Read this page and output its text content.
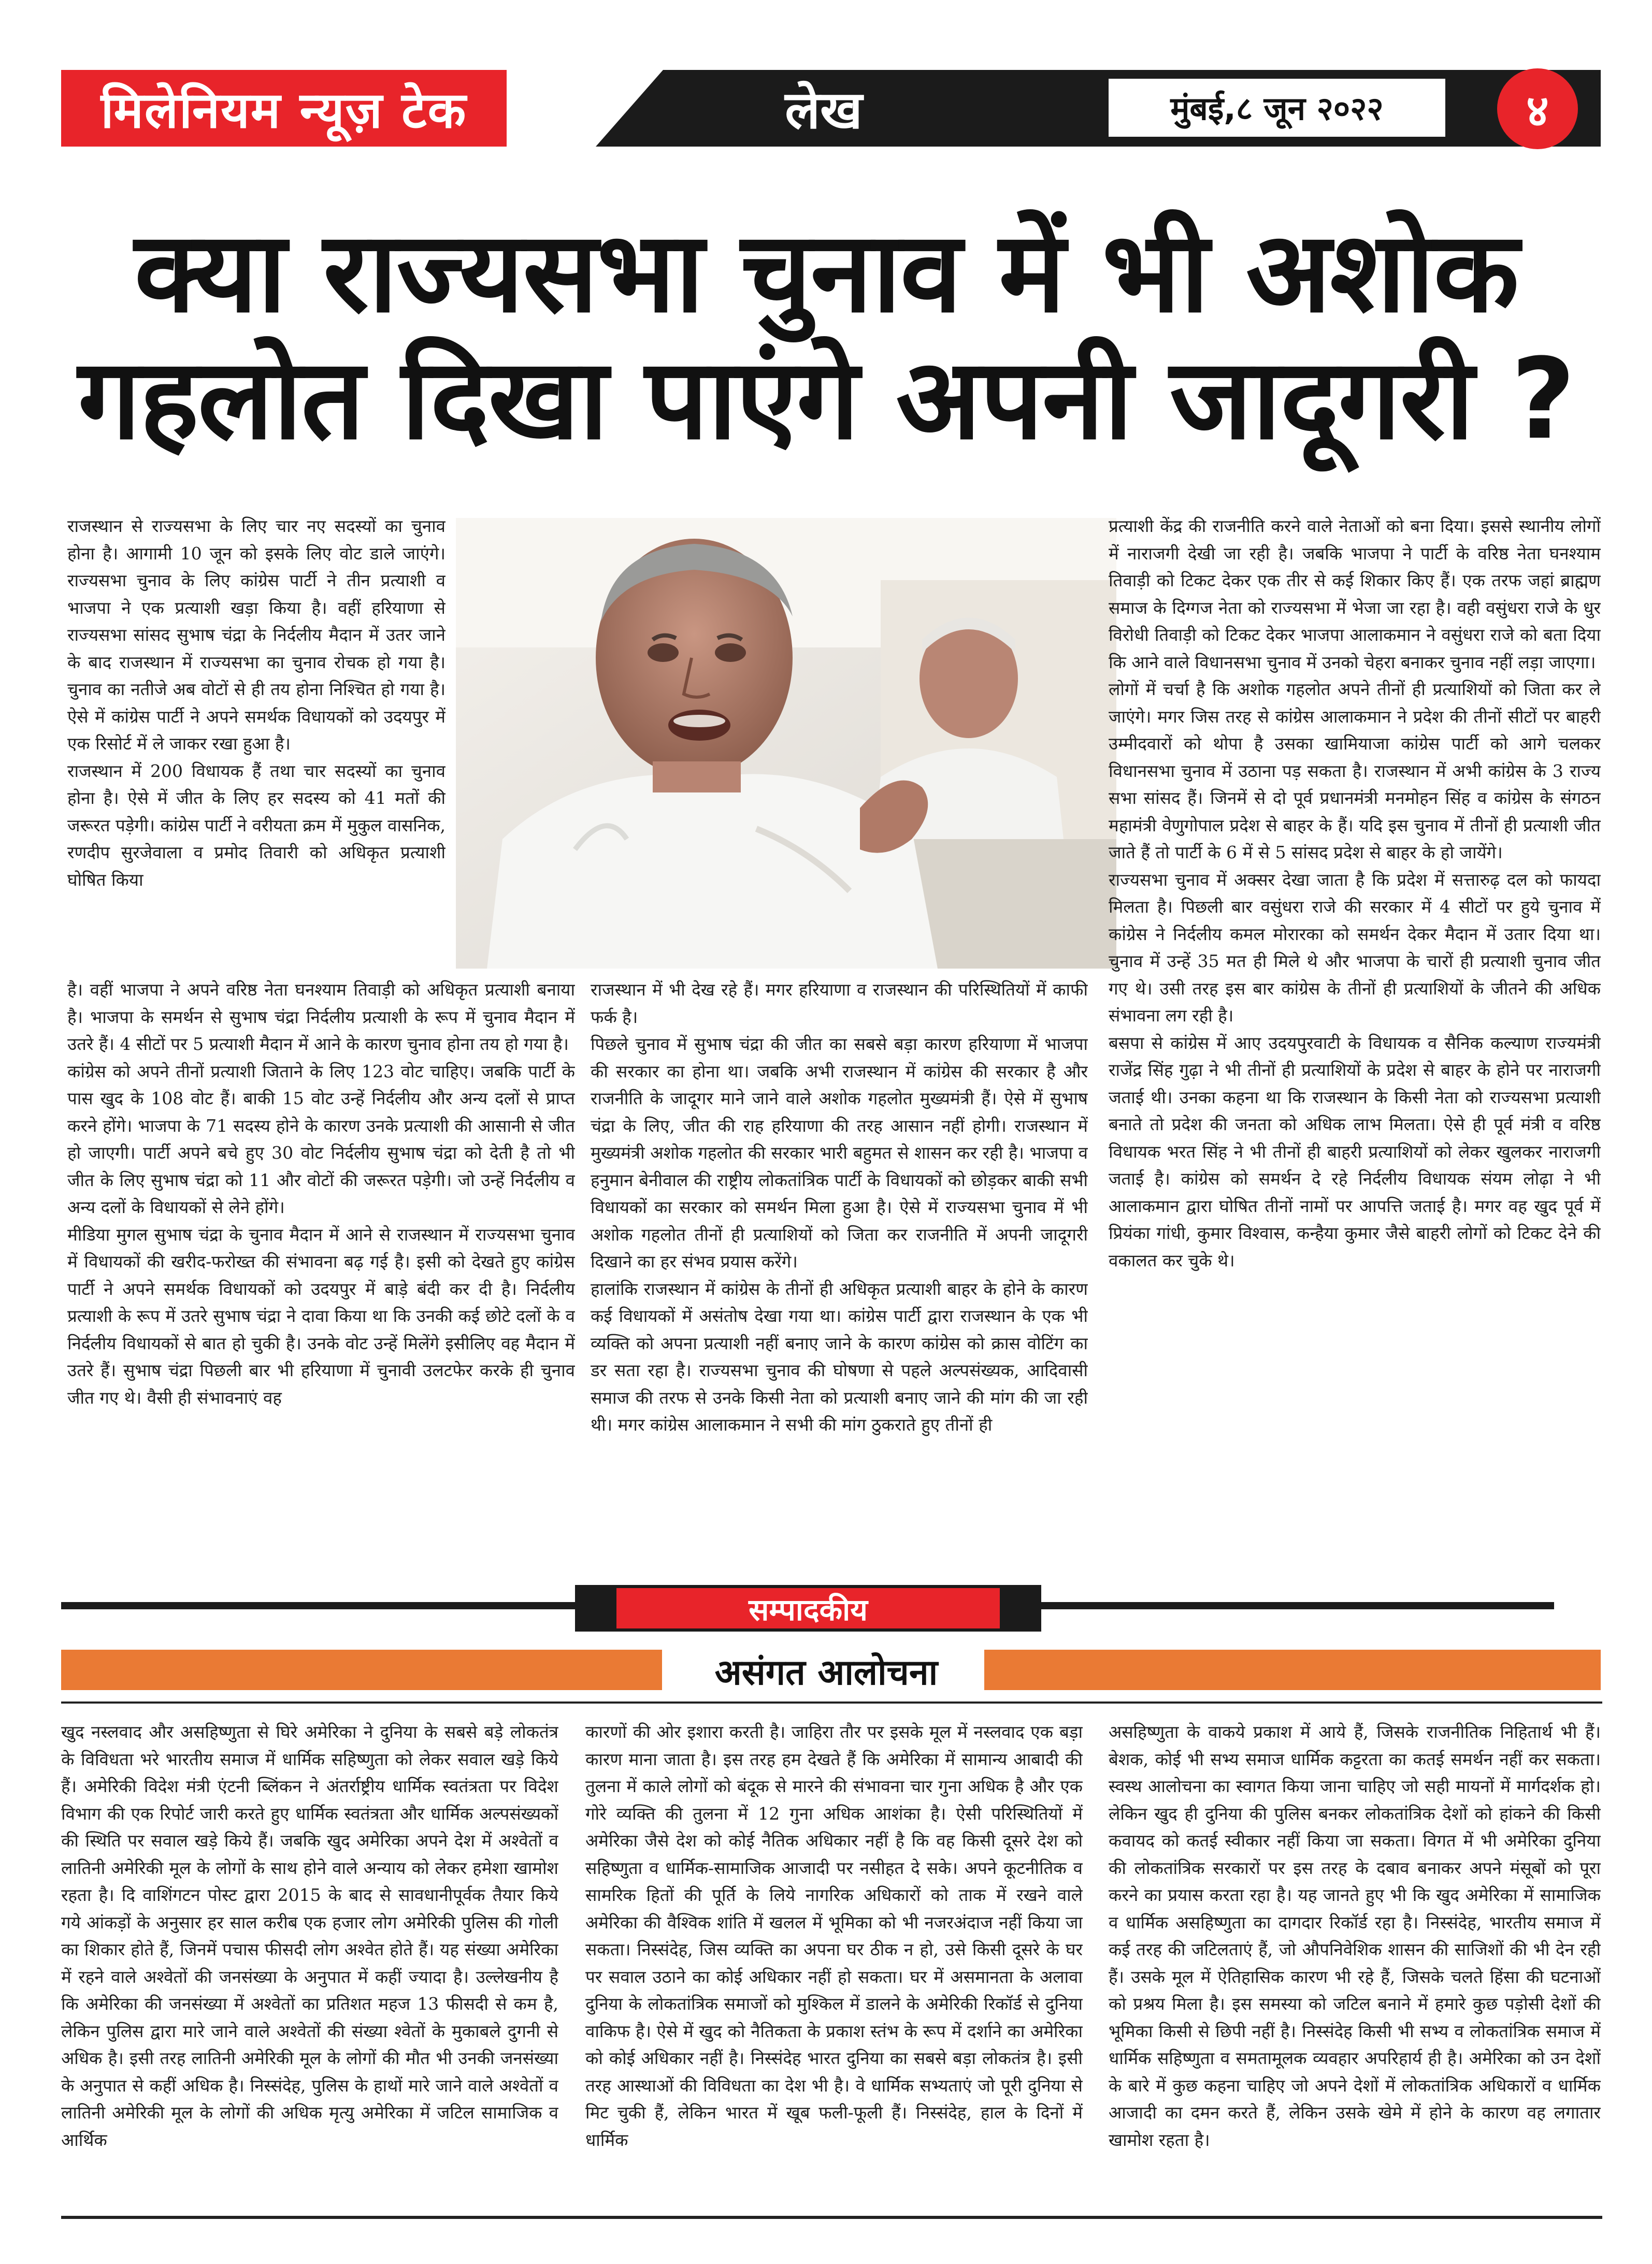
मिलेनियम न्यूज़ टेक	लेख	मुंबई,८ जून २०२२	४
क्या राज्यसभा चुनाव में भी अशोक
गहलोत दिखा पाएंगे अपनी जादूगरी ?

राजस्थान से राज्यसभा के लिए चार नए सदस्यों का चुनाव होना है। आगामी 10 जून को इसके लिए वोट डाले जाएंगे। राज्यसभा चुनाव के लिए कांग्रेस पार्टी ने तीन प्रत्याशी व भाजपा ने एक प्रत्याशी खड़ा किया है। वहीं हरियाणा से राज्यसभा सांसद सुभाष चंद्रा के निर्दलीय मैदान में उतर जाने के बाद राजस्थान में राज्यसभा का चुनाव रोचक हो गया है। चुनाव का नतीजे अब वोटों से ही तय होना निश्चित हो गया है। ऐसे में कांग्रेस पार्टी ने अपने समर्थक विधायकों को उदयपुर में एक रिसोर्ट में ले जाकर रखा हुआ है।

राजस्थान में 200 विधायक हैं तथा चार सदस्यों का चुनाव होना है। ऐसे में जीत के लिए हर सदस्य को 41 मतों की जरूरत पड़ेगी। कांग्रेस पार्टी ने वरीयता क्रम में मुकुल वासनिक, रणदीप सुरजेवाला व प्रमोद तिवारी को अधिकृत प्रत्याशी घोषित किया

है। वहीं भाजपा ने अपने वरिष्ठ नेता घनश्याम तिवाड़ी को अधिकृत प्रत्याशी बनाया है। भाजपा के समर्थन से सुभाष चंद्रा निर्दलीय प्रत्याशी के रूप में चुनाव मैदान में उतरे हैं। 4 सीटों पर 5 प्रत्याशी मैदान में आने के कारण चुनाव होना तय हो गया है।

कांग्रेस को अपने तीनों प्रत्याशी जिताने के लिए 123 वोट चाहिए। जबकि पार्टी के पास खुद के 108 वोट हैं। बाकी 15 वोट उन्हें निर्दलीय और अन्य दलों से प्राप्त करने होंगे। भाजपा के 71 सदस्य होने के कारण उनके प्रत्याशी की आसानी से जीत हो जाएगी। पार्टी अपने बचे हुए 30 वोट निर्दलीय सुभाष चंद्रा को देती है तो भी जीत के लिए सुभाष चंद्रा को 11 और वोटों की जरूरत पड़ेगी। जो उन्हें निर्दलीय व अन्य दलों के विधायकों से लेने होंगे।

मीडिया मुगल सुभाष चंद्रा के चुनाव मैदान में आने से राजस्थान में राज्यसभा चुनाव में विधायकों की खरीद-फरोख्त की संभावना बढ़ गई है। इसी को देखते हुए कांग्रेस पार्टी ने अपने समर्थक विधायकों को उदयपुर में बाड़े बंदी कर दी है। निर्दलीय प्रत्याशी के रूप में उतरे सुभाष चंद्रा ने दावा किया था कि उनकी कई छोटे दलों के व निर्दलीय विधायकों से बात हो चुकी है। उनके वोट उन्हें मिलेंगे इसीलिए वह मैदान में उतरे हैं। सुभाष चंद्रा पिछली बार भी हरियाणा में चुनावी उलटफेर करके ही चुनाव जीत गए थे। वैसी ही संभावनाएं वह

राजस्थान में भी देख रहे हैं। मगर हरियाणा व राजस्थान की परिस्थितियों में काफी फर्क है।

पिछले चुनाव में सुभाष चंद्रा की जीत का सबसे बड़ा कारण हरियाणा में भाजपा की सरकार का होना था। जबकि अभी राजस्थान में कांग्रेस की सरकार है और राजनीति के जादूगर माने जाने वाले अशोक गहलोत मुख्यमंत्री हैं। ऐसे में सुभाष चंद्रा के लिए, जीत की राह हरियाणा की तरह आसान नहीं होगी। राजस्थान में मुख्यमंत्री अशोक गहलोत की सरकार भारी बहुमत से शासन कर रही है। भाजपा व हनुमान बेनीवाल की राष्ट्रीय लोकतांत्रिक पार्टी के विधायकों को छोड़कर बाकी सभी विधायकों का सरकार को समर्थन मिला हुआ है। ऐसे में राज्यसभा चुनाव में भी अशोक गहलोत तीनों ही प्रत्याशियों को जिता कर राजनीति में अपनी जादूगरी दिखाने का हर संभव प्रयास करेंगे।

हालांकि राजस्थान में कांग्रेस के तीनों ही अधिकृत प्रत्याशी बाहर के होने के कारण कई विधायकों में असंतोष देखा गया था। कांग्रेस पार्टी द्वारा राजस्थान के एक भी व्यक्ति को अपना प्रत्याशी नहीं बनाए जाने के कारण कांग्रेस को क्रास वोटिंग का डर सता रहा है। राज्यसभा चुनाव की घोषणा से पहले अल्पसंख्यक, आदिवासी समाज की तरफ से उनके किसी नेता को प्रत्याशी बनाए जाने की मांग की जा रही थी। मगर कांग्रेस आलाकमान ने सभी की मांग ठुकराते हुए तीनों ही

प्रत्याशी केंद्र की राजनीति करने वाले नेताओं को बना दिया। इससे स्थानीय लोगों में नाराजगी देखी जा रही है। जबकि भाजपा ने पार्टी के वरिष्ठ नेता घनश्याम तिवाड़ी को टिकट देकर एक तीर से कई शिकार किए हैं। एक तरफ जहां ब्राह्मण समाज के दिग्गज नेता को राज्यसभा में भेजा जा रहा है। वही वसुंधरा राजे के धुर विरोधी तिवाड़ी को टिकट देकर भाजपा आलाकमान ने वसुंधरा राजे को बता दिया कि आने वाले विधानसभा चुनाव में उनको चेहरा बनाकर चुनाव नहीं लड़ा जाएगा।

लोगों में चर्चा है कि अशोक गहलोत अपने तीनों ही प्रत्याशियों को जिता कर ले जाएंगे। मगर जिस तरह से कांग्रेस आलाकमान ने प्रदेश की तीनों सीटों पर बाहरी उम्मीदवारों को थोपा है उसका खामियाजा कांग्रेस पार्टी को आगे चलकर विधानसभा चुनाव में उठाना पड़ सकता है। राजस्थान में अभी कांग्रेस के 3 राज्य सभा सांसद हैं। जिनमें से दो पूर्व प्रधानमंत्री मनमोहन सिंह व कांग्रेस के संगठन महामंत्री वेणुगोपाल प्रदेश से बाहर के हैं। यदि इस चुनाव में तीनों ही प्रत्याशी जीत जाते हैं तो पार्टी के 6 में से 5 सांसद प्रदेश से बाहर के हो जायेंगे।

राज्यसभा चुनाव में अक्सर देखा जाता है कि प्रदेश में सत्तारुढ़ दल को फायदा मिलता है। पिछली बार वसुंधरा राजे की सरकार में 4 सीटों पर हुये चुनाव में कांग्रेस ने निर्दलीय कमल मोरारका को समर्थन देकर मैदान में उतार दिया था। चुनाव में उन्हें 35 मत ही मिले थे और भाजपा के चारों ही प्रत्याशी चुनाव जीत गए थे। उसी तरह इस बार कांग्रेस के तीनों ही प्रत्याशियों के जीतने की अधिक संभावना लग रही है।

बसपा से कांग्रेस में आए उदयपुरवाटी के विधायक व सैनिक कल्याण राज्यमंत्री राजेंद्र सिंह गुढ़ा ने भी तीनों ही प्रत्याशियों के प्रदेश से बाहर के होने पर नाराजगी जताई थी। उनका कहना था कि राजस्थान के किसी नेता को राज्यसभा प्रत्याशी बनाते तो प्रदेश की जनता को अधिक लाभ मिलता। ऐसे ही पूर्व मंत्री व वरिष्ठ विधायक भरत सिंह ने भी तीनों ही बाहरी प्रत्याशियों को लेकर खुलकर नाराजगी जताई है। कांग्रेस को समर्थन दे रहे निर्दलीय विधायक संयम लोढ़ा ने भी आलाकमान द्वारा घोषित तीनों नामों पर आपत्ति जताई है। मगर वह खुद पूर्व में प्रियंका गांधी, कुमार विश्वास, कन्हैया कुमार जैसे बाहरी लोगों को टिकट देने की वकालत कर चुके थे।

सम्पादकीय
असंगत आलोचना

खुद नस्लवाद और असहिष्णुता से घिरे अमेरिका ने दुनिया के सबसे बड़े लोकतंत्र के विविधता भरे भारतीय समाज में धार्मिक सहिष्णुता को लेकर सवाल खड़े किये हैं। अमेरिकी विदेश मंत्री एंटनी ब्लिंकन ने अंतर्राष्ट्रीय धार्मिक स्वतंत्रता पर विदेश विभाग की एक रिपोर्ट जारी करते हुए धार्मिक स्वतंत्रता और धार्मिक अल्पसंख्यकों की स्थिति पर सवाल खड़े किये हैं। जबकि खुद अमेरिका अपने देश में अश्वेतों व लातिनी अमेरिकी मूल के लोगों के साथ होने वाले अन्याय को लेकर हमेशा खामोश रहता है। दि वाशिंगटन पोस्ट द्वारा 2015 के बाद से सावधानीपूर्वक तैयार किये गये आंकड़ों के अनुसार हर साल करीब एक हजार लोग अमेरिकी पुलिस की गोली का शिकार होते हैं, जिनमें पचास फीसदी लोग अश्वेत होते हैं। यह संख्या अमेरिका में रहने वाले अश्वेतों की जनसंख्या के अनुपात में कहीं ज्यादा है। उल्लेखनीय है कि अमेरिका की जनसंख्या में अश्वेतों का प्रतिशत महज 13 फीसदी से कम है, लेकिन पुलिस द्वारा मारे जाने वाले अश्वेतों की संख्या श्वेतों के मुकाबले दुगनी से अधिक है। इसी तरह लातिनी अमेरिकी मूल के लोगों की मौत भी उनकी जनसंख्या के अनुपात से कहीं अधिक है। निस्संदेह, पुलिस के हाथों मारे जाने वाले अश्वेतों व लातिनी अमेरिकी मूल के लोगों की अधिक मृत्यु अमेरिका में जटिल सामाजिक व आर्थिक

कारणों की ओर इशारा करती है। जाहिरा तौर पर इसके मूल में नस्लवाद एक बड़ा कारण माना जाता है। इस तरह हम देखते हैं कि अमेरिका में सामान्य आबादी की तुलना में काले लोगों को बंदूक से मारने की संभावना चार गुना अधिक है और एक गोरे व्यक्ति की तुलना में 12 गुना अधिक आशंका है। ऐसी परिस्थितियों में अमेरिका जैसे देश को कोई नैतिक अधिकार नहीं है कि वह किसी दूसरे देश को सहिष्णुता व धार्मिक-सामाजिक आजादी पर नसीहत दे सके। अपने कूटनीतिक व सामरिक हितों की पूर्ति के लिये नागरिक अधिकारों को ताक में रखने वाले अमेरिका की वैश्विक शांति में खलल में भूमिका को भी नजरअंदाज नहीं किया जा सकता। निस्संदेह, जिस व्यक्ति का अपना घर ठीक न हो, उसे किसी दूसरे के घर पर सवाल उठाने का कोई अधिकार नहीं हो सकता। घर में असमानता के अलावा दुनिया के लोकतांत्रिक समाजों को मुश्किल में डालने के अमेरिकी रिकॉर्ड से दुनिया वाकिफ है। ऐसे में खुद को नैतिकता के प्रकाश स्तंभ के रूप में दर्शाने का अमेरिका को कोई अधिकार नहीं है। निस्संदेह भारत दुनिया का सबसे बड़ा लोकतंत्र है। इसी तरह आस्थाओं की विविधता का देश भी है। वे धार्मिक सभ्यताएं जो पूरी दुनिया से मिट चुकी हैं, लेकिन भारत में खूब फली-फूली हैं। निस्संदेह, हाल के दिनों में धार्मिक

असहिष्णुता के वाकये प्रकाश में आये हैं, जिसके राजनीतिक निहितार्थ भी हैं। बेशक, कोई भी सभ्य समाज धार्मिक कट्टरता का कतई समर्थन नहीं कर सकता। स्वस्थ आलोचना का स्वागत किया जाना चाहिए जो सही मायनों में मार्गदर्शक हो। लेकिन खुद ही दुनिया की पुलिस बनकर लोकतांत्रिक देशों को हांकने की किसी कवायद को कतई स्वीकार नहीं किया जा सकता। विगत में भी अमेरिका दुनिया की लोकतांत्रिक सरकारों पर इस तरह के दबाव बनाकर अपने मंसूबों को पूरा करने का प्रयास करता रहा है। यह जानते हुए भी कि खुद अमेरिका में सामाजिक व धार्मिक असहिष्णुता का दागदार रिकॉर्ड रहा है। निस्संदेह, भारतीय समाज में कई तरह की जटिलताएं हैं, जो औपनिवेशिक शासन की साजिशों की भी देन रही हैं। उसके मूल में ऐतिहासिक कारण भी रहे हैं, जिसके चलते हिंसा की घटनाओं को प्रश्रय मिला है। इस समस्या को जटिल बनाने में हमारे कुछ पड़ोसी देशों की भूमिका किसी से छिपी नहीं है। निस्संदेह किसी भी सभ्य व लोकतांत्रिक समाज में धार्मिक सहिष्णुता व समतामूलक व्यवहार अपरिहार्य ही है। अमेरिका को उन देशों के बारे में कुछ कहना चाहिए जो अपने देशों में लोकतांत्रिक अधिकारों व धार्मिक आजादी का दमन करते हैं, लेकिन उसके खेमे में होने के कारण वह लगातार खामोश रहता है।
